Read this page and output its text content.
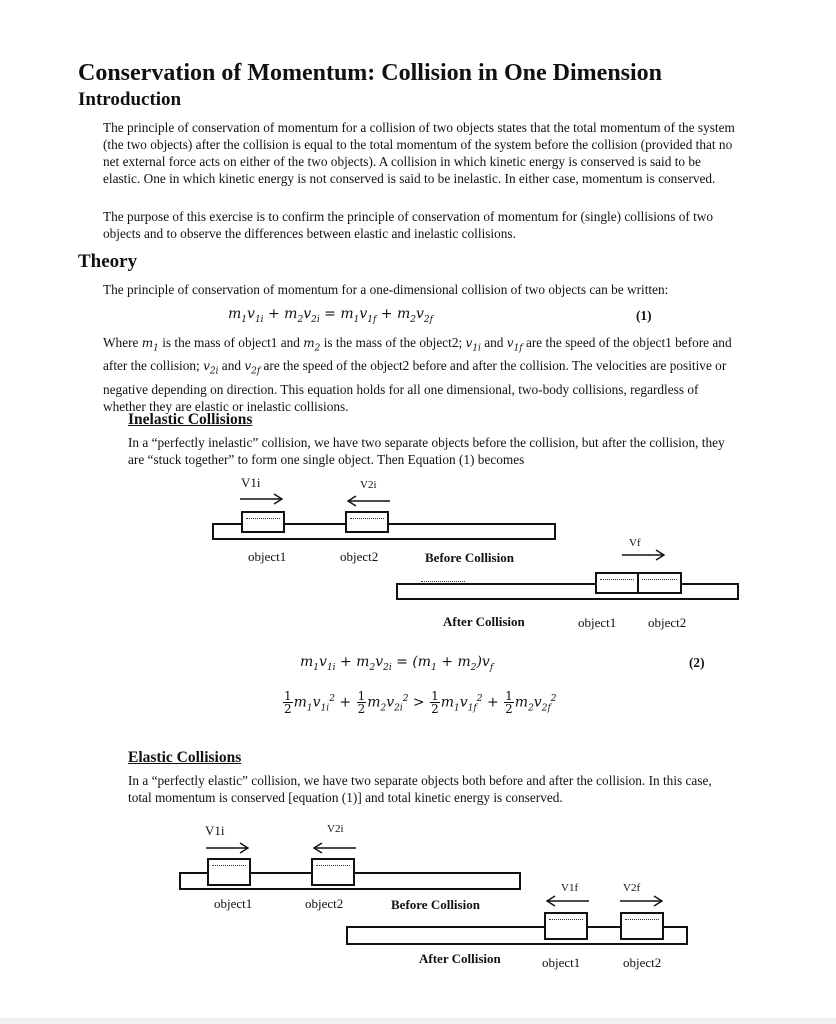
Conservation of Momentum: Collision in One Dimension
Introduction
The principle of conservation of momentum for a collision of two objects states that the total momentum of the system (the two objects) after the collision is equal to the total momentum of the system before the collision (provided that no net external force acts on either of the two objects). A collision in which kinetic energy is conserved is said to be elastic. One in which kinetic energy is not conserved is said to be inelastic. In either case, momentum is conserved.
The purpose of this exercise is to confirm the principle of conservation of momentum for (single) collisions of two objects and to observe the differences between elastic and inelastic collisions.
Theory
The principle of conservation of momentum for a one-dimensional collision of two objects can be written:
$m_1v_{1i} + m_2v_{2i} = m_1v_{1f} + m_2v_{2f}$	(1)
Where $m_1$ is the mass of object1 and $m_2$ is the mass of the object2; $v_{1i}$ and $v_{1f}$ are the speed of the object1 before and after the collision; $v_{2i}$ and $v_{2f}$ are the speed of the object2 before and after the collision. The velocities are positive or negative depending on direction. This equation holds for all one dimensional, two-body collisions, regardless of whether they are elastic or inelastic collisions.
Inelastic Collisions
In a “perfectly inelastic” collision, we have two separate objects before the collision, but after the collision, they are “stuck together” to form one single object. Then Equation (1) becomes
V1i	V2i
object1	object2	Before Collision
Vf
After Collision	object1 object2
$m_1v_{1i} + m_2v_{2i} = (m_1 + m_2)v_f$	(2)
$\frac{1}{2} m_1v_{1i}^2 + \frac{1}{2} m_2v_{2i}^2 > \frac{1}{2} m_1v_{1f}^2 + \frac{1}{2} m_2v_{2f}^2$
Elastic Collisions
In a “perfectly elastic” collision, we have two separate objects both before and after the collision. In this case, total momentum is conserved [equation (1)] and total kinetic energy is conserved.
V1i	V2i
object1	object2	Before Collision
V1f	V2f
After Collision	object1	object2
